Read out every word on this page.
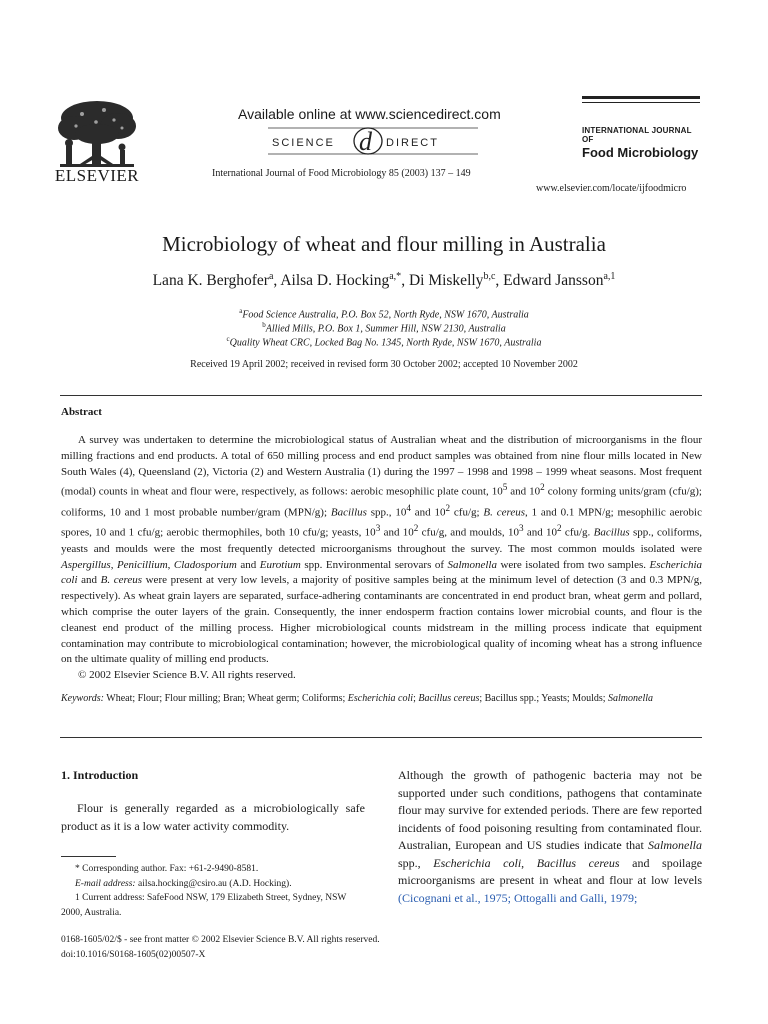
ELSEVIER
Available online at www.sciencedirect.com
SCIENCE d DIRECT
International Journal of Food Microbiology 85 (2003) 137 – 149
INTERNATIONAL JOURNAL OF
Food Microbiology
www.elsevier.com/locate/ijfoodmicro
Microbiology of wheat and flour milling in Australia
Lana K. Berghofer$^a$, Ailsa D. Hocking$^{a,*}$, Di Miskelly$^{b,c}$, Edward Jansson$^{a,1}$
$^a$Food Science Australia, P.O. Box 52, North Ryde, NSW 1670, Australia
$^b$Allied Mills, P.O. Box 1, Summer Hill, NSW 2130, Australia
$^c$Quality Wheat CRC, Locked Bag No. 1345, North Ryde, NSW 1670, Australia
Received 19 April 2002; received in revised form 30 October 2002; accepted 10 November 2002
Abstract

A survey was undertaken to determine the microbiological status of Australian wheat and the distribution of microorganisms in the flour milling fractions and end products. A total of 650 milling process and end product samples was obtained from nine flour mills located in New South Wales (4), Queensland (2), Victoria (2) and Western Australia (1) during the 1997 – 1998 and 1998 – 1999 wheat seasons. Most frequent (modal) counts in wheat and flour were, respectively, as follows: aerobic mesophilic plate count, $10^5$ and $10^2$ colony forming units/gram (cfu/g); coliforms, 10 and 1 most probable number/gram (MPN/g); Bacillus spp., $10^4$ and $10^2$ cfu/g; B. cereus, 1 and 0.1 MPN/g; mesophilic aerobic spores, 10 and 1 cfu/g; aerobic thermophiles, both 10 cfu/g; yeasts, $10^3$ and $10^2$ cfu/g, and moulds, $10^3$ and $10^2$ cfu/g. Bacillus spp., coliforms, yeasts and moulds were the most frequently detected microorganisms throughout the survey. The most common moulds isolated were Aspergillus, Penicillium, Cladosporium and Eurotium spp. Environmental serovars of Salmonella were isolated from two samples. Escherichia coli and B. cereus were present at very low levels, a majority of positive samples being at the minimum level of detection (3 and 0.3 MPN/g, respectively). As wheat grain layers are separated, surface-adhering contaminants are concentrated in end product bran, wheat germ and pollard, which comprise the outer layers of the grain. Consequently, the inner endosperm fraction contains lower microbial counts, and flour is the cleanest end product of the milling process. Higher microbiological counts midstream in the milling process indicate that equipment contamination may contribute to microbiological contamination; however, the microbiological quality of incoming wheat has a strong influence on the ultimate quality of milling end products.

© 2002 Elsevier Science B.V. All rights reserved.

Keywords: Wheat; Flour; Flour milling; Bran; Wheat germ; Coliforms; Escherichia coli; Bacillus cereus; Bacillus spp.; Yeasts; Moulds; Salmonella
1. Introduction
Flour is generally regarded as a microbiologically safe product as it is a low water activity commodity.
* Corresponding author. Fax: +61-2-9490-8581.
E-mail address: ailsa.hocking@csiro.au (A.D. Hocking).
1 Current address: SafeFood NSW, 179 Elizabeth Street, Sydney, NSW 2000, Australia.
Although the growth of pathogenic bacteria may not be supported under such conditions, pathogens that contaminate flour may survive for extended periods. There are few reported incidents of food poisoning resulting from contaminated flour. Australian, European and US studies indicate that Salmonella spp., Escherichia coli, Bacillus cereus and spoilage microorganisms are present in wheat and flour at low levels (Cicognani et al., 1975; Ottogalli and Galli, 1979;
0168-1605/02/$ - see front matter © 2002 Elsevier Science B.V. All rights reserved.
doi:10.1016/S0168-1605(02)00507-X
